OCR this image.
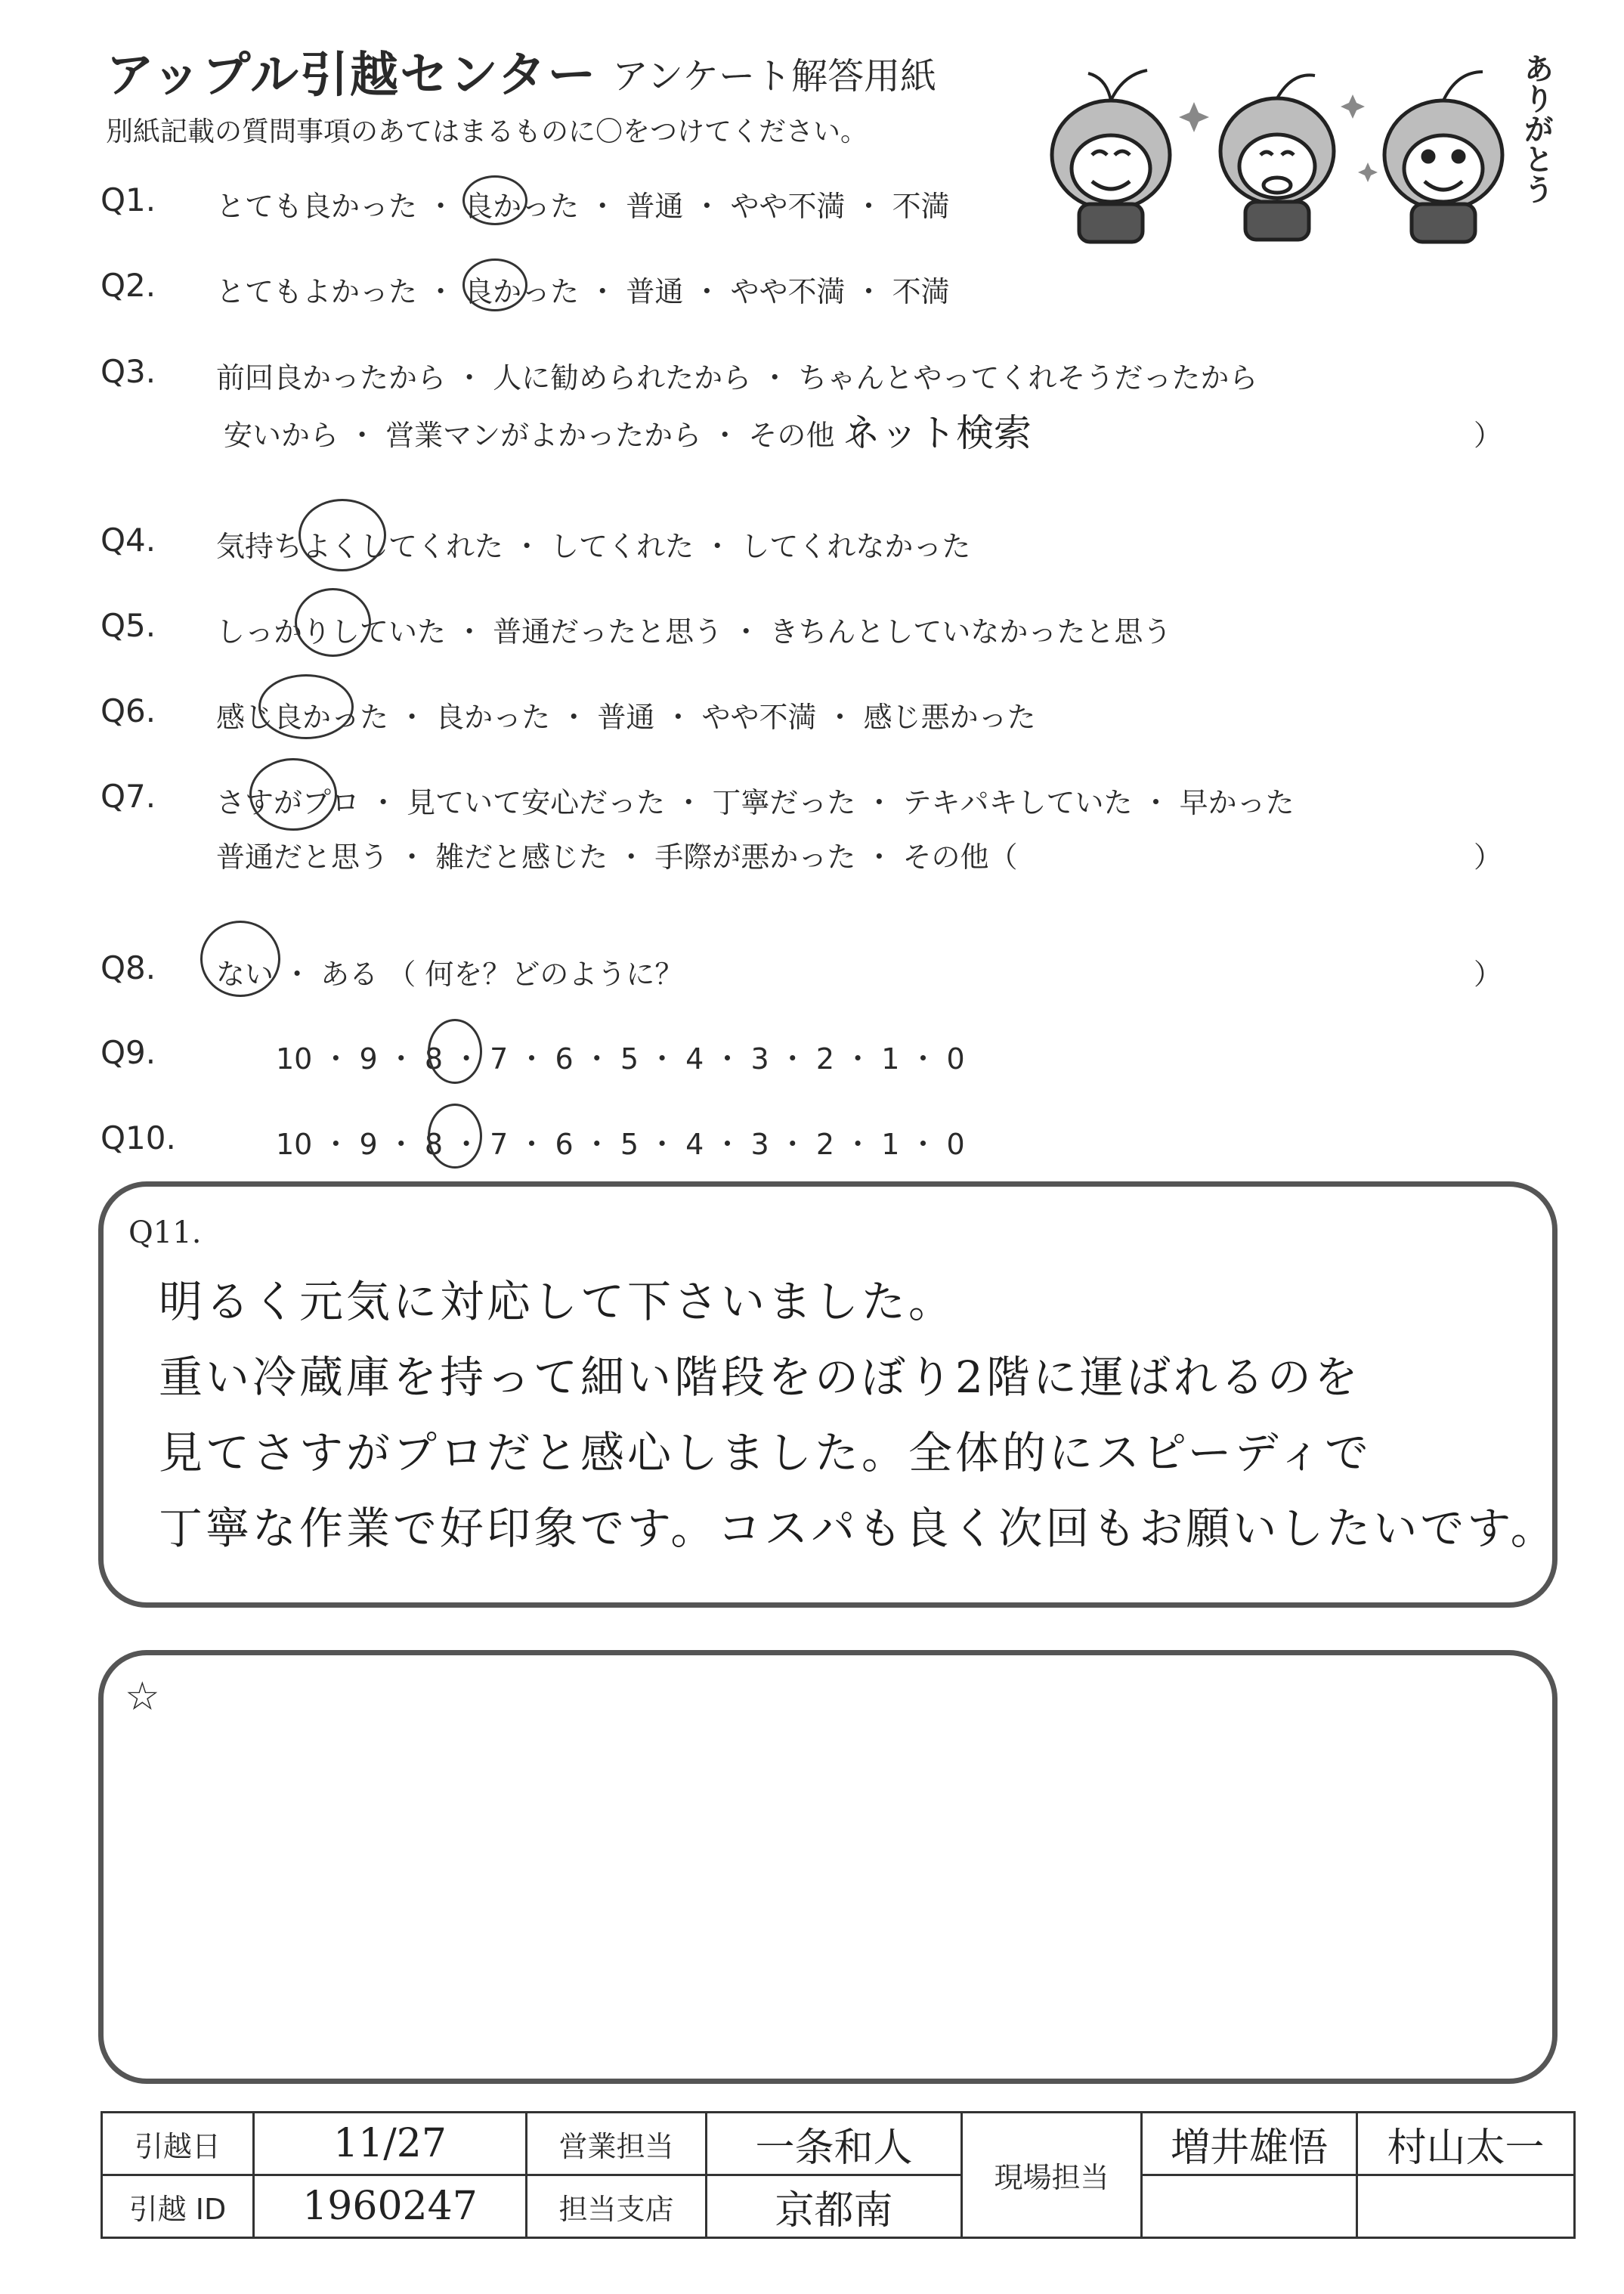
アップル引越センター アンケート解答用紙
別紙記載の質問事項のあてはまるものに〇をつけてください。	ありがとう
Q1. とても良かった ・ 良かった ・ 普通 ・ やや不満 ・ 不満
Q2. とてもよかった ・ 良かった ・ 普通 ・ やや不満 ・ 不満
Q3. 前回良かったから ・ 人に勧められたから ・ ちゃんとやってくれそうだったから
安いから ・ 営業マンがよかったから ・ その他（
ネット検索	）
Q4. 気持ちよくしてくれた ・ してくれた ・ してくれなかった
Q5. しっかりしていた ・ 普通だったと思う ・ きちんとしていなかったと思う
Q6. 感じ良かった ・ 良かった ・ 普通 ・ やや不満 ・ 感じ悪かった
Q7. さすがプロ ・ 見ていて安心だった ・ 丁寧だった ・ テキパキしていた ・ 早かった
普通だと思う ・ 雑だと感じた ・ 手際が悪かった ・ その他（	）
Q8. ない ・ ある （ 何を？どのように？	）
Q9.	10 ・ 9 ・ 8 ・ 7 ・ 6 ・ 5 ・ 4 ・ 3 ・ 2 ・ 1 ・ 0
Q10.	10 ・ 9 ・ 8 ・ 7 ・ 6 ・ 5 ・ 4 ・ 3 ・ 2 ・ 1 ・ 0
Q11.
明るく元気に対応して下さいました。
重い冷蔵庫を持って細い階段をのぼり2階に運ばれるのを
見てさすがプロだと感心しました。全体的にスピーディで
丁寧な作業で好印象です。コスパも良く次回もお願いしたいです。
☆
引越日	11/27	営業担当	一条和人	現場担当	増井雄悟	村山太一
引越 ID	1960247	担当支店	京都南			
